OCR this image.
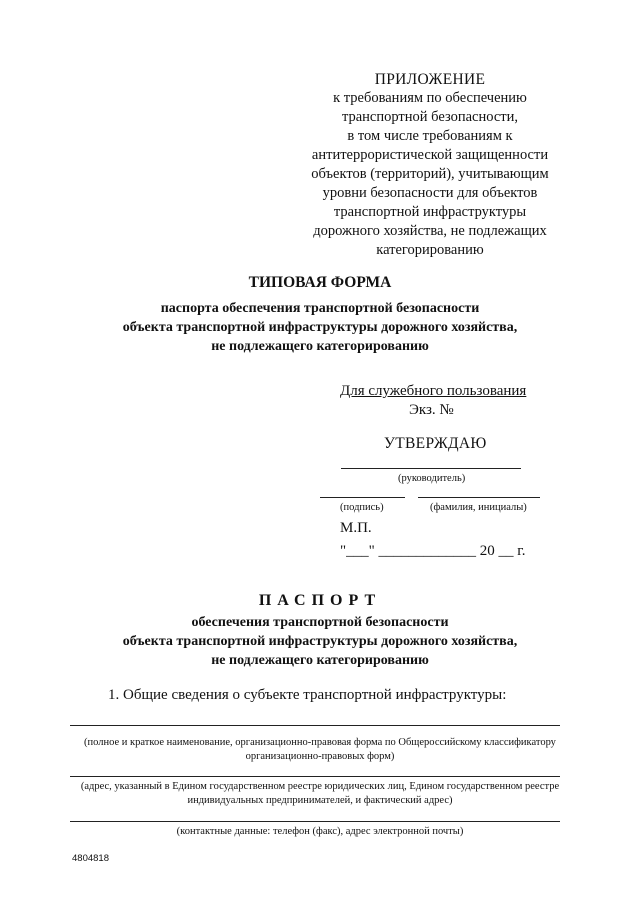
ПРИЛОЖЕНИЕ
к требованиям по обеспечению
транспортной безопасности,
в том числе требованиям к
антитеррористической защищенности
объектов (территорий), учитывающим
уровни безопасности для объектов
транспортной инфраструктуры
дорожного хозяйства, не подлежащих
категорированию
ТИПОВАЯ ФОРМА
паспорта обеспечения транспортной безопасности
объекта транспортной инфраструктуры дорожного хозяйства,
не подлежащего категорированию
Для служебного пользования
Экз. №
УТВЕРЖДАЮ
(руководитель)
(подпись)	(фамилия, инициалы)
М.П.
"___" _____________ 20 __ г.
ПАСПОРТ
обеспечения транспортной безопасности
объекта транспортной инфраструктуры дорожного хозяйства,
не подлежащего категорированию
1. Общие сведения о субъекте транспортной инфраструктуры:
(полное и краткое наименование, организационно-правовая форма по Общероссийскому классификатору организационно-правовых форм)
(адрес, указанный в Едином государственном реестре юридических лиц, Едином государственном реестре индивидуальных предпринимателей, и фактический адрес)
(контактные данные: телефон (факс), адрес электронной почты)
4804818
